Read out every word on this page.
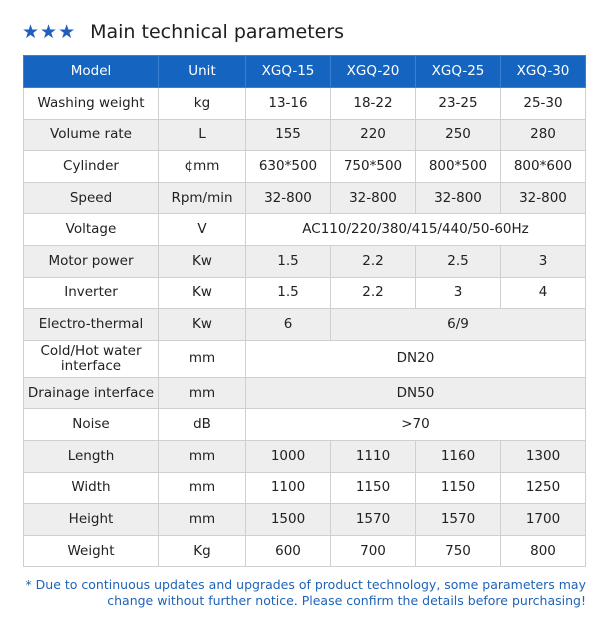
★★★ Main technical parameters
Model	Unit	XGQ-15	XGQ-20	XGQ-25	XGQ-30
Washing weight	kg	13-16	18-22	23-25	25-30
Volume rate	L	155	220	250	280
Cylinder	¢mm	630*500	750*500	800*500	800*600
Speed	Rpm/min	32-800	32-800	32-800	32-800
Voltage	V	AC110/220/380/415/440/50-60Hz			
Motor power	Kw	1.5	2.2	2.5	3
Inverter	Kw	1.5	2.2	3	4
Electro-thermal	Kw	6	6/9		
Cold/Hot water interface	mm	DN20			
Drainage interface	mm	DN50			
Noise	dB	>70			
Length	mm	1000	1110	1160	1300
Width	mm	1100	1150	1150	1250
Height	mm	1500	1570	1570	1700
Weight	Kg	600	700	750	800
* Due to continuous updates and upgrades of product technology, some parameters may
change without further notice. Please confirm the details before purchasing!
